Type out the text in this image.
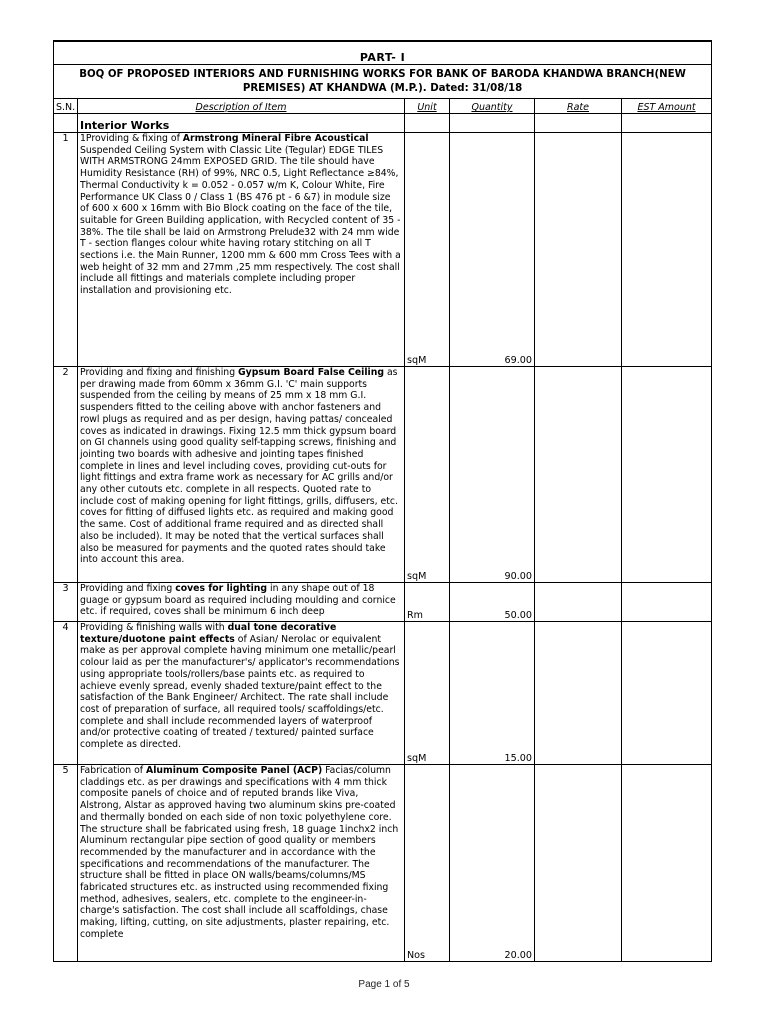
PART- I					

BOQ OF PROPOSED INTERIORS AND FURNISHING WORKS FOR BANK OF BARODA KHANDWA BRANCH(NEW
PREMISES) AT KHANDWA (M.P.). Dated: 31/08/18					

S.N.	Description of Item	Unit	Quantity	Rate	EST Amount
	Interior Works				
1	1Providing & fixing of Armstrong Mineral Fibre Acoustical Suspended Ceiling System with Classic Lite (Tegular) EDGE TILES WITH ARMSTRONG 24mm EXPOSED GRID. The tile should have Humidity Resistance (RH) of 99%, NRC 0.5, Light Reflectance ≥84%, Thermal Conductivity k = 0.052 - 0.057 w/m K, Colour White, Fire Performance UK Class 0 / Class 1 (BS 476 pt - 6 &7) in module size of 600 x 600 x 16mm with Bio Block coating on the face of the tile, suitable for Green Building application, with Recycled content of 35 - 38%. The tile shall be laid on Armstrong Prelude32 with 24 mm wide T - section flanges colour white having rotary stitching on all T sections i.e. the Main Runner, 1200 mm & 600 mm Cross Tees with a web height of 32 mm and 27mm ,25 mm respectively. The cost shall include all fittings and materials complete including proper installation and provisioning etc.	sqM	69.00		
2	Providing and fixing and finishing Gypsum Board False Ceiling as per drawing made from 60mm x 36mm G.I. 'C' main supports suspended from the ceiling by means of 25 mm x 18 mm G.I. suspenders fitted to the ceiling above with anchor fasteners and rowl plugs as required and as per design, having pattas/ concealed coves as indicated in drawings. Fixing 12.5 mm thick gypsum board on GI channels using good quality self-tapping screws, finishing and jointing two boards with adhesive and jointing tapes finished complete in lines and level including coves, providing cut-outs for light fittings and extra frame work as necessary for AC grills and/or any other cutouts etc. complete in all respects. Quoted rate to include cost of making opening for light fittings, grills, diffusers, etc. coves for fitting of diffused lights etc. as required and making good the same. Cost of additional frame required and as directed shall also be included). It may be noted that the vertical surfaces shall also be measured for payments and the quoted rates should take into account this area.	sqM	90.00		
3	Providing and fixing coves for lighting in any shape out of 18 guage or gypsum board as required including moulding and cornice etc. if required, coves shall be minimum 6 inch deep	Rm	50.00		
4	Providing & finishing walls with dual tone decorative texture/duotone paint effects of Asian/ Nerolac or equivalent make as per approval complete having minimum one metallic/pearl colour laid as per the manufacturer's/ applicator's recommendations using appropriate tools/rollers/base paints etc. as required to achieve evenly spread, evenly shaded texture/paint effect to the satisfaction of the Bank Engineer/ Architect. The rate shall include cost of preparation of surface, all required tools/ scaffoldings/etc. complete and shall include recommended layers of waterproof and/or protective coating of treated / textured/ painted surface complete as directed.	sqM	15.00		
5	Fabrication of Aluminum Composite Panel (ACP) Facias/column claddings etc. as per drawings and specifications with 4 mm thick composite panels of choice and of reputed brands like Viva, Alstrong, Alstar as approved having two aluminum skins pre-coated and thermally bonded on each side of non toxic polyethylene core. The structure shall be fabricated using fresh, 18 guage 1inchx2 inch Aluminum rectangular pipe section of good quality or members recommended by the manufacturer and in accordance with the specifications and recommendations of the manufacturer. The structure shall be fitted in place ON walls/beams/columns/MS fabricated structures etc. as instructed using recommended fixing method, adhesives, sealers, etc. complete to the engineer-in-charge's satisfaction. The cost shall include all scaffoldings, chase making, lifting, cutting, on site adjustments, plaster repairing, etc. complete	Nos	20.00		
Page 1 of 5
